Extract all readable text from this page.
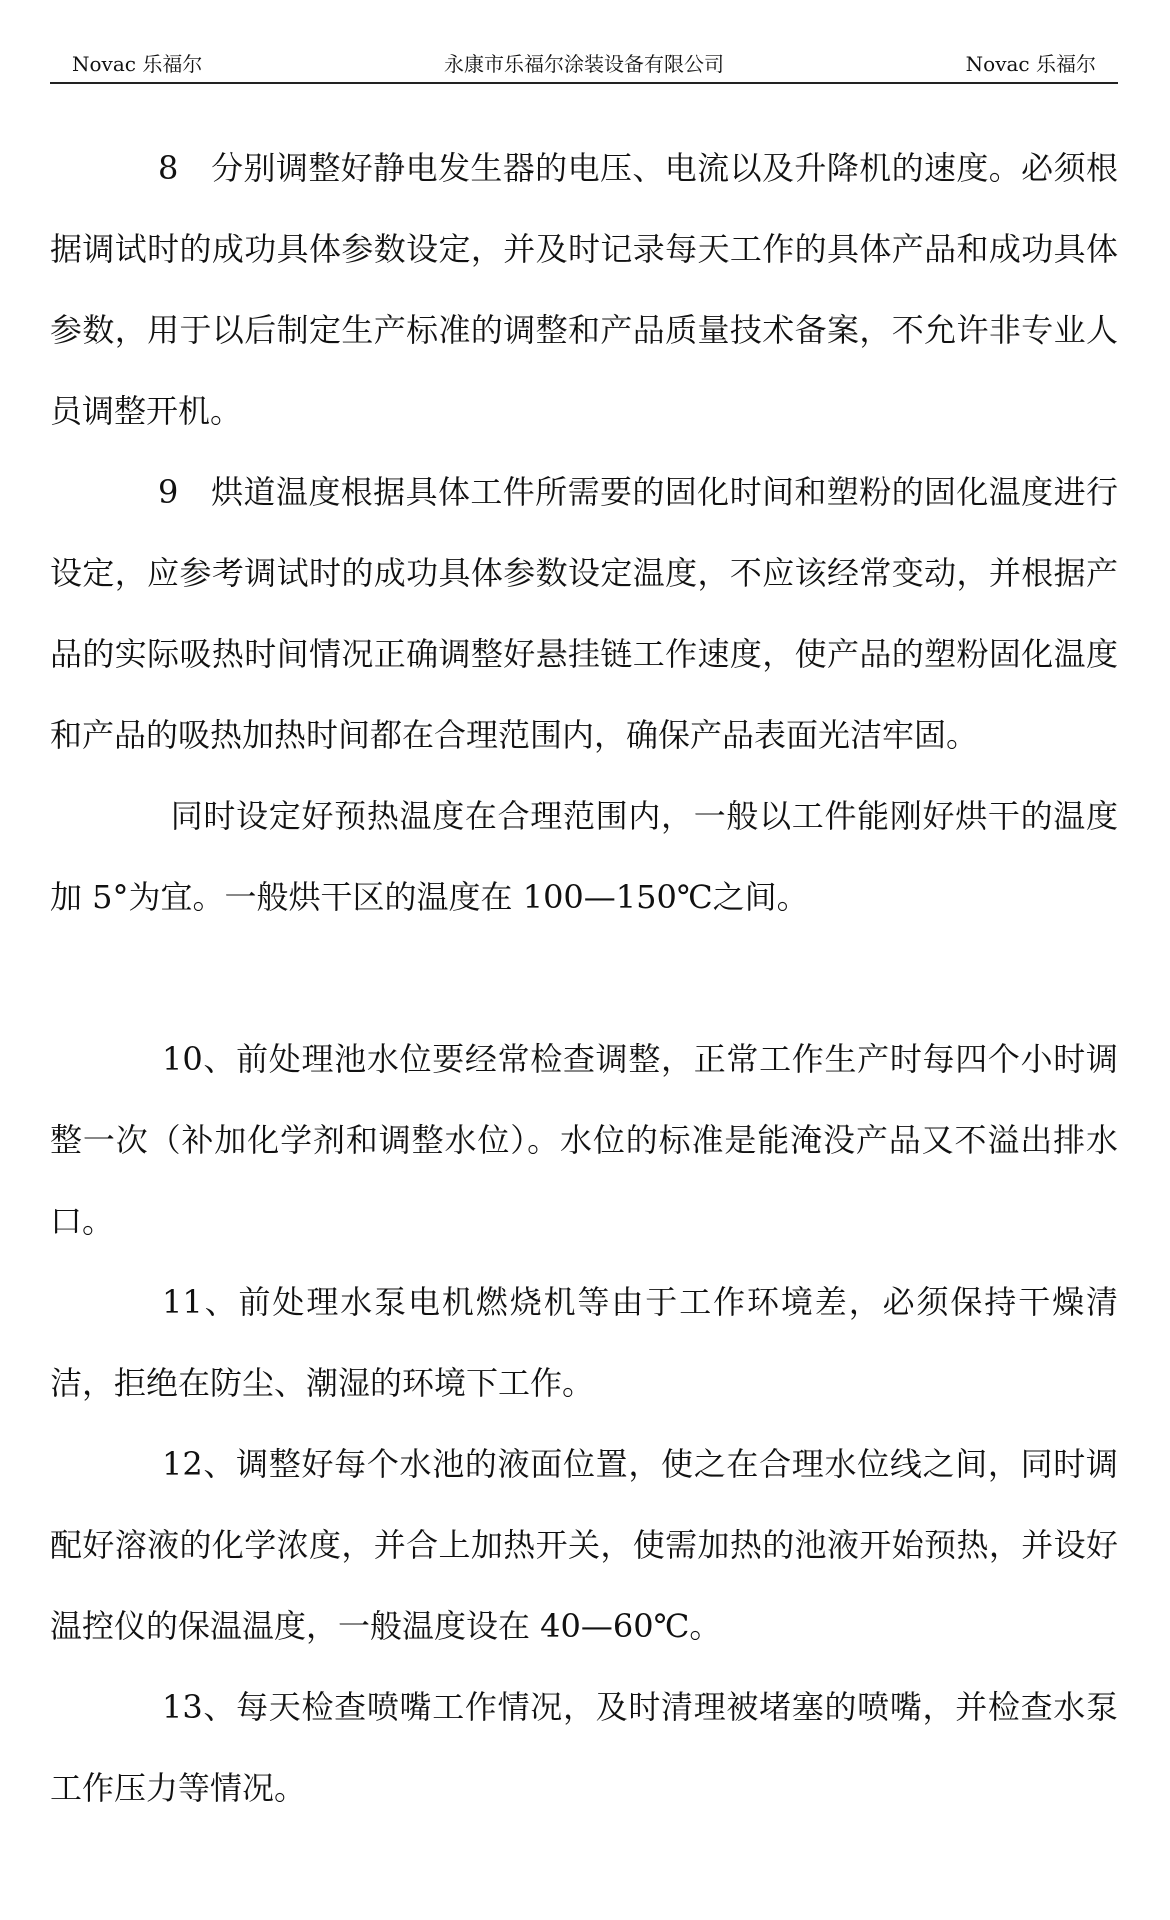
Novac 乐福尔	永康市乐福尔涂装设备有限公司	Novac 乐福尔

8　分别调整好静电发生器的电压、电流以及升降机的速度。必须根据调试时的成功具体参数设定，并及时记录每天工作的具体产品和成功具体参数，用于以后制定生产标准的调整和产品质量技术备案，不允许非专业人员调整开机。

9　烘道温度根据具体工件所需要的固化时间和塑粉的固化温度进行设定，应参考调试时的成功具体参数设定温度，不应该经常变动，并根据产品的实际吸热时间情况正确调整好悬挂链工作速度，使产品的塑粉固化温度和产品的吸热加热时间都在合理范围内，确保产品表面光洁牢固。

同时设定好预热温度在合理范围内，一般以工件能刚好烘干的温度加 5°为宜。一般烘干区的温度在 100—150℃之间。

10、前处理池水位要经常检查调整，正常工作生产时每四个小时调整一次（补加化学剂和调整水位）。水位的标准是能淹没产品又不溢出排水口。

11、前处理水泵电机燃烧机等由于工作环境差，必须保持干燥清洁，拒绝在防尘、潮湿的环境下工作。

12、调整好每个水池的液面位置，使之在合理水位线之间，同时调配好溶液的化学浓度，并合上加热开关，使需加热的池液开始预热，并设好温控仪的保温温度，一般温度设在 40—60℃。

13、每天检查喷嘴工作情况，及时清理被堵塞的喷嘴，并检查水泵工作压力等情况。
